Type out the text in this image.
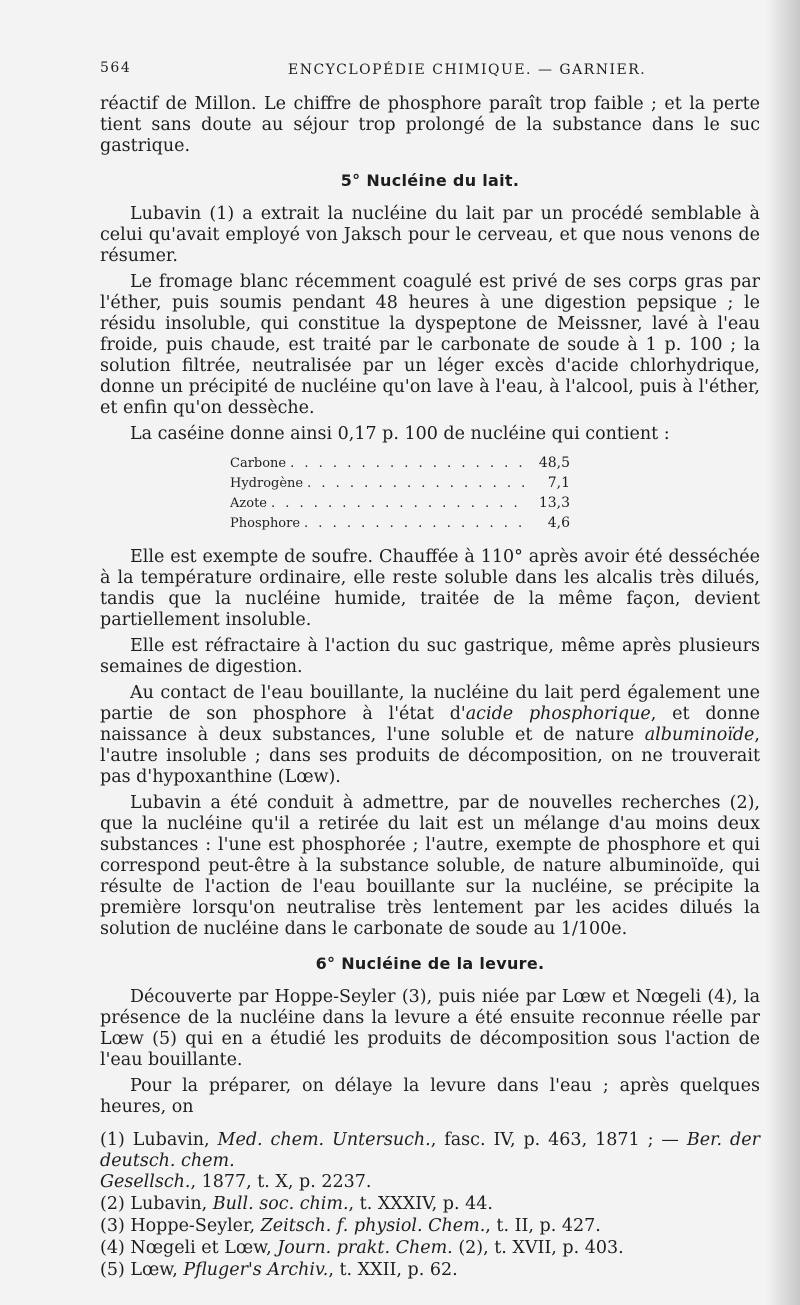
564	ENCYCLOPÉDIE CHIMIQUE. — GARNIER.

réactif de Millon. Le chiffre de phosphore paraît trop faible ; et la perte tient sans doute au séjour trop prolongé de la substance dans le suc gastrique.

5° Nucléine du lait.

Lubavin (1) a extrait la nucléine du lait par un procédé semblable à celui qu'avait employé von Jaksch pour le cerveau, et que nous venons de résumer.

Le fromage blanc récemment coagulé est privé de ses corps gras par l'éther, puis soumis pendant 48 heures à une digestion pepsique ; le résidu insoluble, qui constitue la dyspeptone de Meissner, lavé à l'eau froide, puis chaude, est traité par le carbonate de soude à 1 p. 100 ; la solution filtrée, neutralisée par un léger excès d'acide chlorhydrique, donne un précipité de nucléine qu'on lave à l'eau, à l'alcool, puis à l'éther, et enfin qu'on dessèche.

La caséine donne ainsi 0,17 p. 100 de nucléine qui contient :

Carbone . . .	48,5
Hydrogène . . .	7,1
Azote . . .	13,3
Phosphore . . .	4,6

Elle est exempte de soufre. Chauffée à 110° après avoir été desséchée à la température ordinaire, elle reste soluble dans les alcalis très dilués, tandis que la nucléine humide, traitée de la même façon, devient partiellement insoluble.

Elle est réfractaire à l'action du suc gastrique, même après plusieurs semaines de digestion.

Au contact de l'eau bouillante, la nucléine du lait perd également une partie de son phosphore à l'état d'acide phosphorique, et donne naissance à deux substances, l'une soluble et de nature albuminoïde, l'autre insoluble ; dans ses produits de décomposition, on ne trouverait pas d'hypoxanthine (Lœw).

Lubavin a été conduit à admettre, par de nouvelles recherches (2), que la nucléine qu'il a retirée du lait est un mélange d'au moins deux substances : l'une est phosphorée ; l'autre, exempte de phosphore et qui correspond peut-être à la substance soluble, de nature albuminoïde, qui résulte de l'action de l'eau bouillante sur la nucléine, se précipite la première lorsqu'on neutralise très lentement par les acides dilués la solution de nucléine dans le carbonate de soude au 1/100e.

6° Nucléine de la levure.

Découverte par Hoppe-Seyler (3), puis niée par Lœw et Nœgeli (4), la présence de la nucléine dans la levure a été ensuite reconnue réelle par Lœw (5) qui en a étudié les produits de décomposition sous l'action de l'eau bouillante.

Pour la préparer, on délaye la levure dans l'eau ; après quelques heures, on

(1) Lubavin, Med. chem. Untersuch., fasc. IV, p. 463, 1871 ; — Ber. der deutsch. chem.
Gesellsch., 1877, t. X, p. 2237.

(2) Lubavin, Bull. soc. chim., t. XXXIV, p. 44.

(3) Hoppe-Seyler, Zeitsch. f. physiol. Chem., t. II, p. 427.

(4) Nœgeli et Lœw, Journ. prakt. Chem. (2), t. XVII, p. 403.

(5) Lœw, Pfluger's Archiv., t. XXII, p. 62.
